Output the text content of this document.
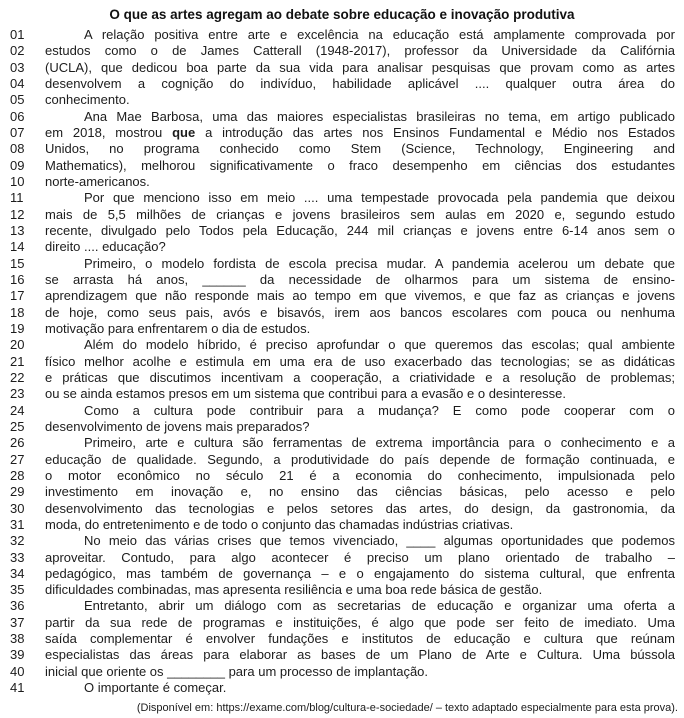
O que as artes agregam ao debate sobre educação e inovação produtiva
01	A relação positiva entre arte e excelência na educação está amplamente comprovada por
02	estudos como o de James Catterall (1948-2017), professor da Universidade da Califórnia
03	(UCLA), que dedicou boa parte da sua vida para analisar pesquisas que provam como as artes
04	desenvolvem a cognição do indivíduo, habilidade aplicável .... qualquer outra área do
05	conhecimento.
06	Ana Mae Barbosa, uma das maiores especialistas brasileiras no tema, em artigo publicado
07	em 2018, mostrou que a introdução das artes nos Ensinos Fundamental e Médio nos Estados
08	Unidos, no programa conhecido como Stem (Science, Technology, Engineering and
09	Mathematics), melhorou significativamente o fraco desempenho em ciências dos estudantes
10	norte-americanos.
11	Por que menciono isso em meio .... uma tempestade provocada pela pandemia que deixou
12	mais de 5,5 milhões de crianças e jovens brasileiros sem aulas em 2020 e, segundo estudo
13	recente, divulgado pelo Todos pela Educação, 244 mil crianças e jovens entre 6-14 anos sem o
14	direito .... educação?
15	Primeiro, o modelo fordista de escola precisa mudar. A pandemia acelerou um debate que
16	se arrasta há anos, ______ da necessidade de olharmos para um sistema de ensino-
17	aprendizagem que não responde mais ao tempo em que vivemos, e que faz as crianças e jovens
18	de hoje, como seus pais, avós e bisavós, irem aos bancos escolares com pouca ou nenhuma
19	motivação para enfrentarem o dia de estudos.
20	Além do modelo híbrido, é preciso aprofundar o que queremos das escolas; qual ambiente
21	físico melhor acolhe e estimula em uma era de uso exacerbado das tecnologias; se as didáticas
22	e práticas que discutimos incentivam a cooperação, a criatividade e a resolução de problemas;
23	ou se ainda estamos presos em um sistema que contribui para a evasão e o desinteresse.
24	Como a cultura pode contribuir para a mudança? E como pode cooperar com o
25	desenvolvimento de jovens mais preparados?
26	Primeiro, arte e cultura são ferramentas de extrema importância para o conhecimento e a
27	educação de qualidade. Segundo, a produtividade do país depende de formação continuada, e
28	o motor econômico no século 21 é a economia do conhecimento, impulsionada pelo
29	investimento em inovação e, no ensino das ciências básicas, pelo acesso e pelo
30	desenvolvimento das tecnologias e pelos setores das artes, do design, da gastronomia, da
31	moda, do entretenimento e de todo o conjunto das chamadas indústrias criativas.
32	No meio das várias crises que temos vivenciado, ____ algumas oportunidades que podemos
33	aproveitar. Contudo, para algo acontecer é preciso um plano orientado de trabalho –
34	pedagógico, mas também de governança – e o engajamento do sistema cultural, que enfrenta
35	dificuldades combinadas, mas apresenta resiliência e uma boa rede básica de gestão.
36	Entretanto, abrir um diálogo com as secretarias de educação e organizar uma oferta a
37	partir da sua rede de programas e instituições, é algo que pode ser feito de imediato. Uma
38	saída complementar é envolver fundações e institutos de educação e cultura que reúnam
39	especialistas das áreas para elaborar as bases de um Plano de Arte e Cultura. Uma bússola
40	inicial que oriente os ________ para um processo de implantação.
41	O importante é começar.
(Disponível em: https://exame.com/blog/cultura-e-sociedade/ – texto adaptado especialmente para esta prova).
